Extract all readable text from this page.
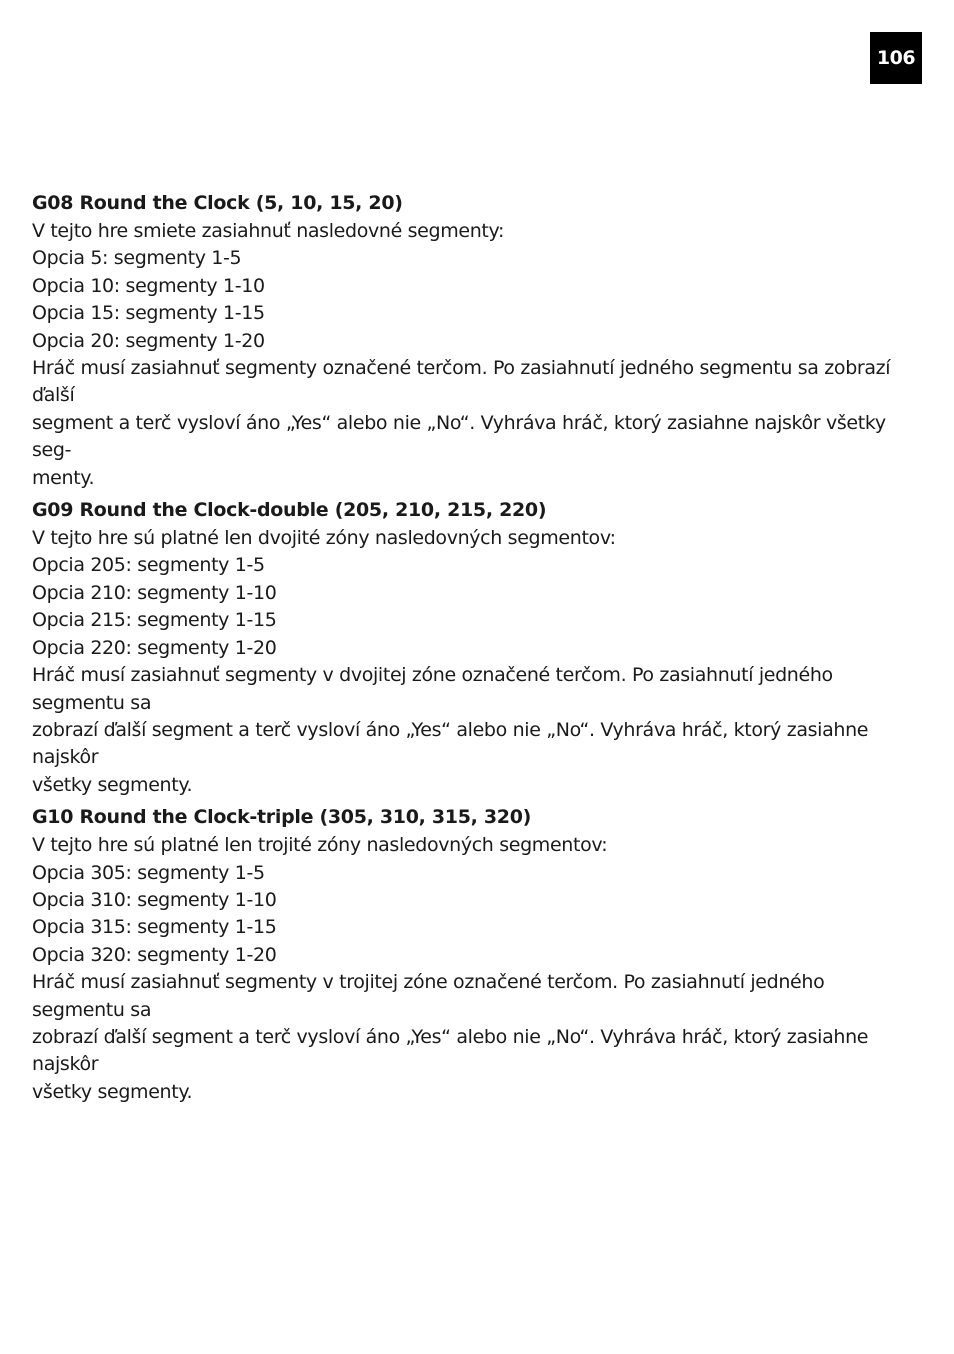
106

G08 Round the Clock (5, 10, 15, 20)

V tejto hre smiete zasiahnuť nasledovné segmenty:

Opcia 5: segmenty 1-5

Opcia 10: segmenty 1-10

Opcia 15: segmenty 1-15

Opcia 20: segmenty 1-20

Hráč musí zasiahnuť segmenty označené terčom. Po zasiahnutí jedného segmentu sa zobrazí ďalší

segment a terč vysloví áno „Yes“ alebo nie „No“. Vyhráva hráč, ktorý zasiahne najskôr všetky seg-

menty.

G09 Round the Clock-double (205, 210, 215, 220)

V tejto hre sú platné len dvojité zóny nasledovných segmentov:

Opcia 205: segmenty 1-5

Opcia 210: segmenty 1-10

Opcia 215: segmenty 1-15

Opcia 220: segmenty 1-20

Hráč musí zasiahnuť segmenty v dvojitej zóne označené terčom. Po zasiahnutí jedného segmentu sa

zobrazí ďalší segment a terč vysloví áno „Yes“ alebo nie „No“. Vyhráva hráč, ktorý zasiahne najskôr

všetky segmenty.

G10 Round the Clock-triple (305, 310, 315, 320)

V tejto hre sú platné len trojité zóny nasledovných segmentov:

Opcia 305: segmenty 1-5

Opcia 310: segmenty 1-10

Opcia 315: segmenty 1-15

Opcia 320: segmenty 1-20

Hráč musí zasiahnuť segmenty v trojitej zóne označené terčom. Po zasiahnutí jedného segmentu sa

zobrazí ďalší segment a terč vysloví áno „Yes“ alebo nie „No“. Vyhráva hráč, ktorý zasiahne najskôr

všetky segmenty.
